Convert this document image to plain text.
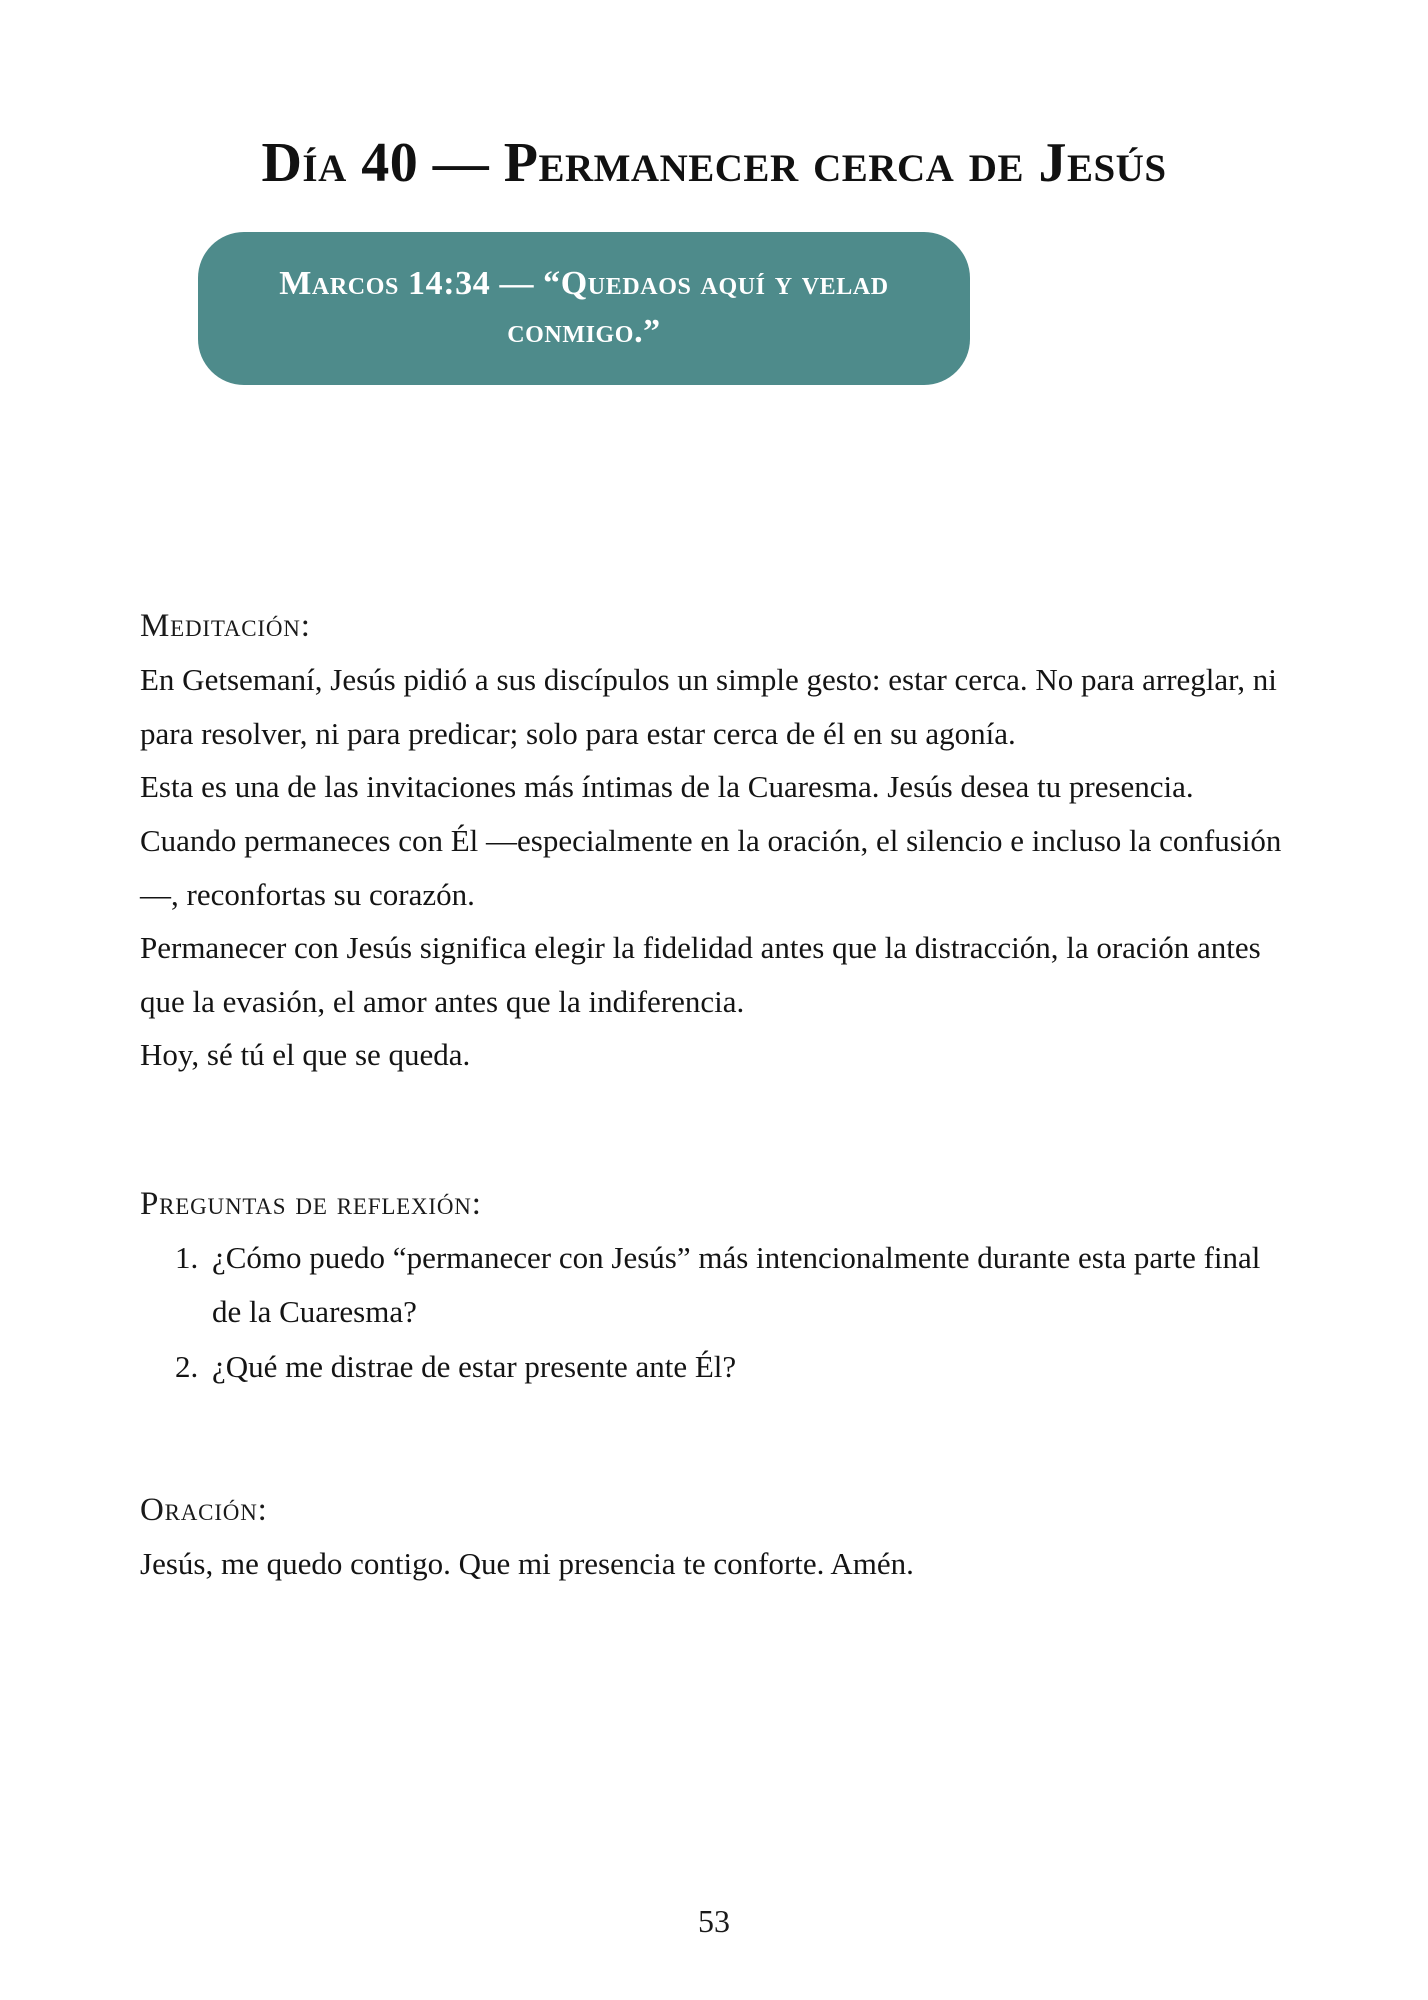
Día 40 — Permanecer cerca de Jesús
Marcos 14:34 — “Quedaos aquí y velad conmigo.”
Meditación:

En Getsemaní, Jesús pidió a sus discípulos un simple gesto: estar cerca. No para arreglar, ni para resolver, ni para predicar; solo para estar cerca de él en su agonía.

Esta es una de las invitaciones más íntimas de la Cuaresma. Jesús desea tu presencia. Cuando permaneces con Él —especialmente en la oración, el silencio e incluso la confusión—, reconfortas su corazón.

Permanecer con Jesús significa elegir la fidelidad antes que la distracción, la oración antes que la evasión, el amor antes que la indiferencia.

Hoy, sé tú el que se queda.

Preguntas de reflexión:
1. ¿Cómo puedo “permanecer con Jesús” más intencionalmente durante esta parte final de la Cuaresma?
2. ¿Qué me distrae de estar presente ante Él?
Oración:

Jesús, me quedo contigo. Que mi presencia te conforte. Amén.

53
